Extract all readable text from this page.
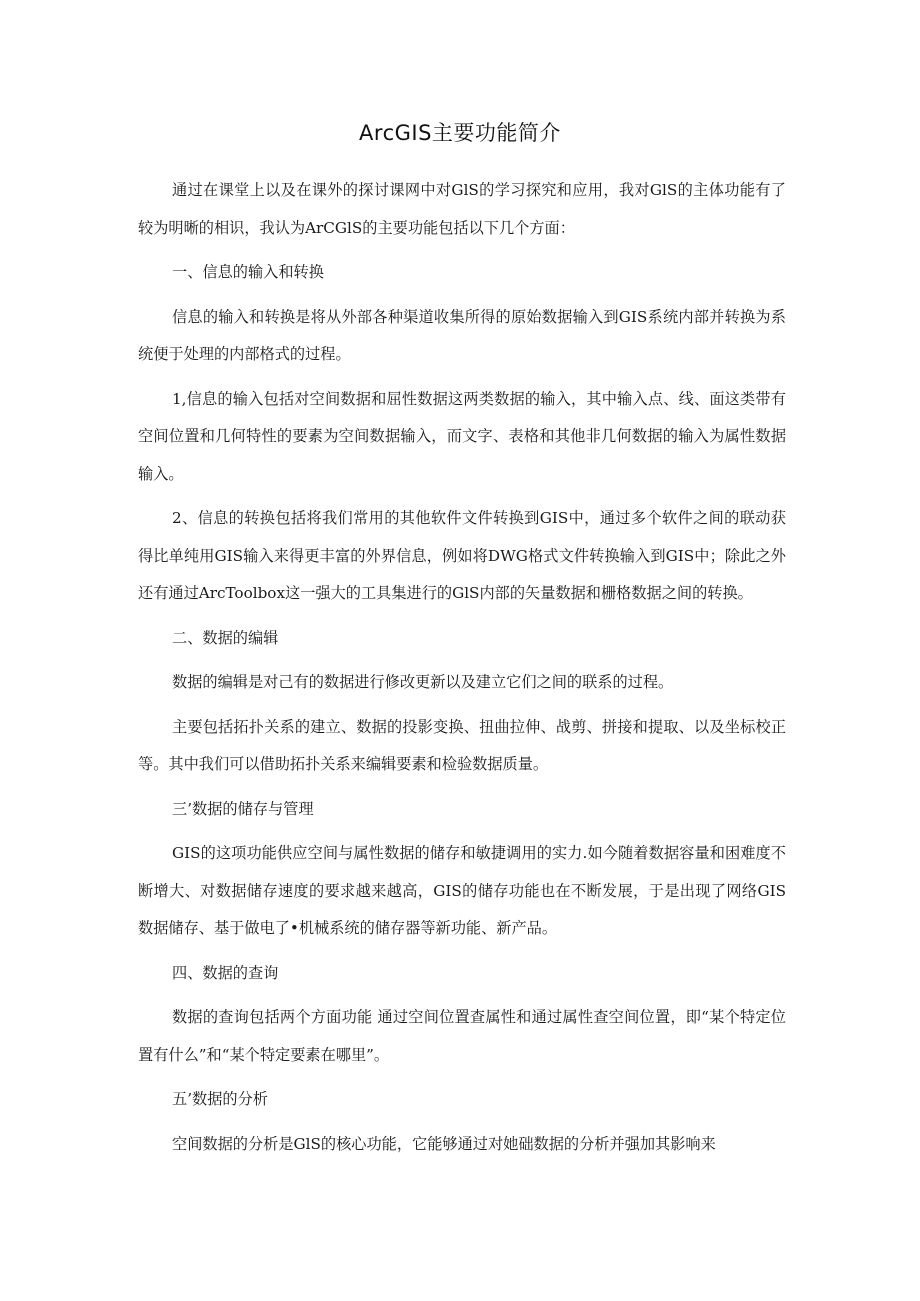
ArcGIS主要功能简介

通过在课堂上以及在课外的探讨课网中对GlS的学习探究和应用，我对GlS的主体功能有了较为明晰的相识，我认为ArCGlS的主要功能包括以下几个方面：

一、信息的输入和转换

信息的输入和转换是将从外部各种渠道收集所得的原始数据输入到GIS系统内部并转换为系统便于处理的内部格式的过程。

1,信息的输入包括对空间数据和屈性数据这两类数据的输入，其中输入点、线、面这类带有空间位置和几何特性的要素为空间数据输入，而文字、表格和其他非几何数据的输入为属性数据输入。

2、信息的转换包括将我们常用的其他软件文件转换到GIS中，通过多个软件之间的联动获得比单纯用GIS输入来得更丰富的外界信息，例如将DWG格式文件转换输入到GIS中；除此之外还有通过ArcToolbox这一强大的工具集进行的GlS内部的矢量数据和栅格数据之间的转换。

二、数据的编辑

数据的编辑是对己有的数据进行修改更新以及建立它们之间的联系的过程。

主要包括拓扑关系的建立、数据的投影变换、扭曲拉伸、战剪、拼接和提取、以及坐标校正等。其中我们可以借助拓扑关系来编辑要素和检验数据质量。

三’数据的储存与管理

GIS的这项功能供应空间与属性数据的储存和敏捷调用的实力.如今随着数据容量和困难度不断增大、对数据储存速度的要求越来越高，GIS的储存功能也在不断发展，于是出现了网络GIS数据储存、基于做电了•机械系统的储存器等新功能、新产品。

四、数据的查询

数据的查询包括两个方面功能 通过空间位置查属性和通过属性查空间位置，即“某个特定位置有什么”和“某个特定要素在哪里”。

五’数据的分析

空间数据的分析是GlS的核心功能，它能够通过对她础数据的分析并强加其影响来
